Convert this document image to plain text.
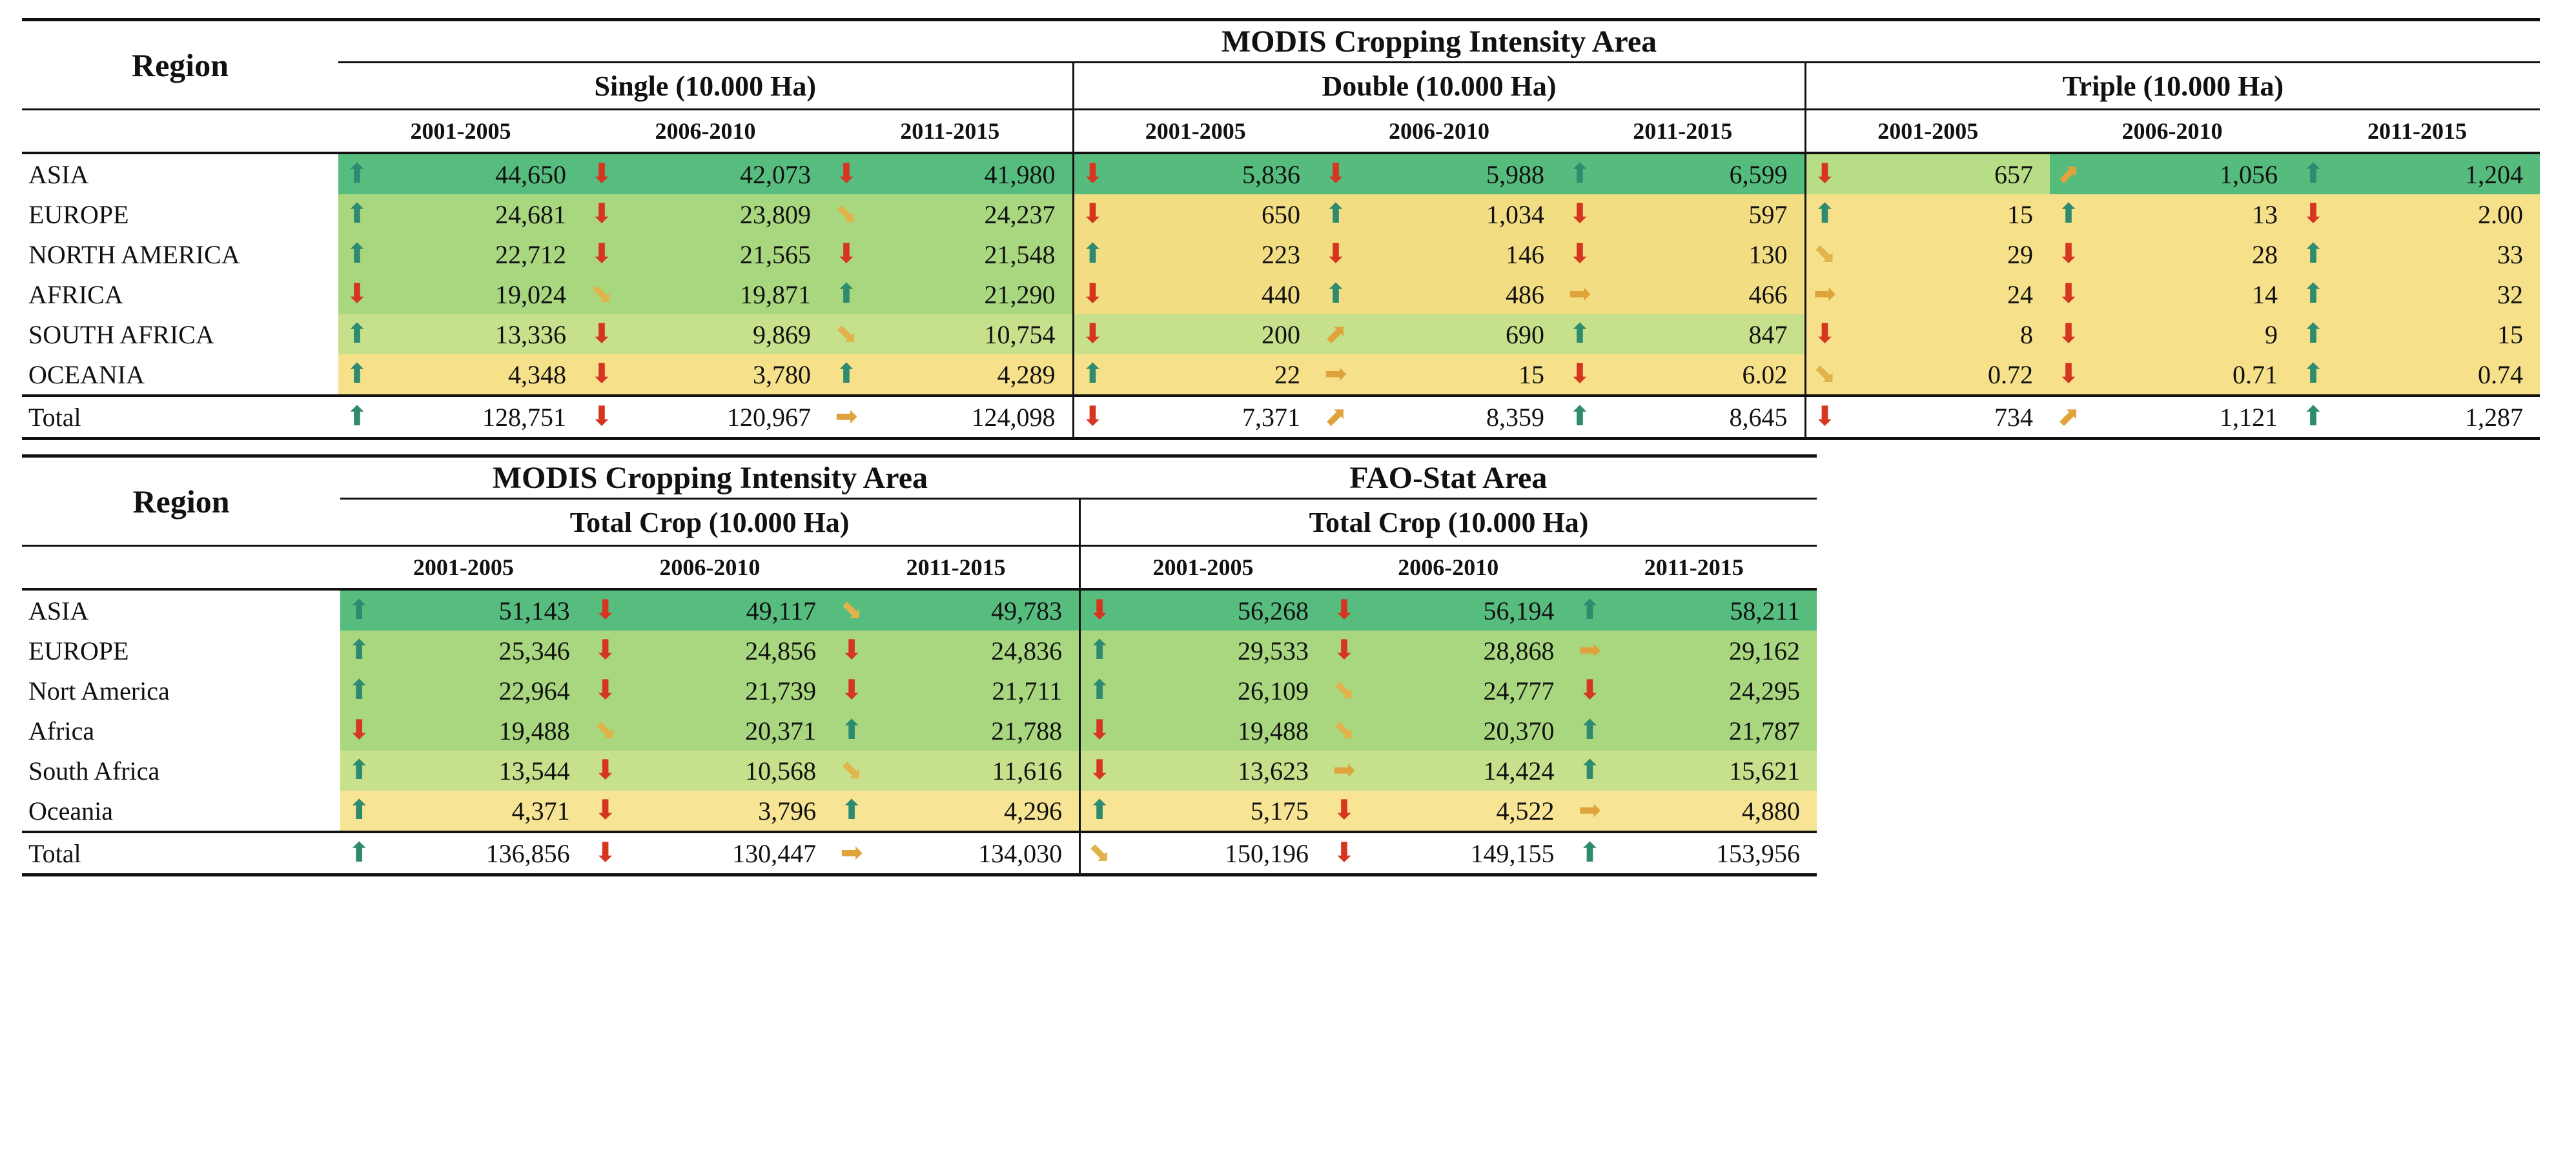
Region	MODIS Cropping Intensity Area								
	Single (10.000 Ha)			Double (10.000 Ha)			Triple (10.000 Ha)		
	2001-2005	2006-2010	2011-2015	2001-2005	2006-2010	2011-2015	2001-2005	2006-2010	2011-2015
ASIA	⬆ 44,650	⬇ 42,073	⬇ 41,980	⬇ 5,836	⬇ 5,988	⬆ 6,599	⬇ 657	⬈ 1,056	⬆ 1,204

EUROPE	⬆ 24,681	⬇ 23,809	⬊ 24,237	⬇ 650	⬆ 1,034	⬇ 597	⬆ 15	⬆ 13	⬇ 2.00

NORTH AMERICA	⬆ 22,712	⬇ 21,565	⬇ 21,548	⬆ 223	⬇ 146	⬇ 130	⬊ 29	⬇ 28	⬆ 33

AFRICA	⬇ 19,024	⬊ 19,871	⬆ 21,290	⬇ 440	⬆ 486	➡ 466	➡ 24	⬇ 14	⬆ 32

SOUTH AFRICA	⬆ 13,336	⬇ 9,869	⬊ 10,754	⬇ 200	⬈ 690	⬆ 847	⬇ 8	⬇ 9	⬆ 15

OCEANIA	⬆ 4,348	⬇ 3,780	⬆ 4,289	⬆ 22	➡ 15	⬇ 6.02	⬊ 0.72	⬇ 0.71	⬆ 0.74

Total	⬆ 128,751	⬇ 120,967	➡ 124,098	⬇ 7,371	⬈ 8,359	⬆ 8,645	⬇ 734	⬈ 1,121	⬆ 1,287
Region	MODIS Cropping Intensity Area			FAO-Stat Area		
	Total Crop (10.000 Ha)			Total Crop (10.000 Ha)		
	2001-2005	2006-2010	2011-2015	2001-2005	2006-2010	2011-2015
ASIA	⬆ 51,143	⬇ 49,117	⬊ 49,783	⬇ 56,268	⬇ 56,194	⬆ 58,211

EUROPE	⬆ 25,346	⬇ 24,856	⬇ 24,836	⬆ 29,533	⬇ 28,868	➡ 29,162

Nort America	⬆ 22,964	⬇ 21,739	⬇ 21,711	⬆ 26,109	⬊ 24,777	⬇ 24,295

Africa	⬇ 19,488	⬊ 20,371	⬆ 21,788	⬇ 19,488	⬊ 20,370	⬆ 21,787

South Africa	⬆ 13,544	⬇ 10,568	⬊ 11,616	⬇ 13,623	➡ 14,424	⬆ 15,621

Oceania	⬆ 4,371	⬇ 3,796	⬆ 4,296	⬆ 5,175	⬇ 4,522	➡ 4,880

Total	⬆ 136,856	⬇ 130,447	➡ 134,030	⬊ 150,196	⬇ 149,155	⬆ 153,956
